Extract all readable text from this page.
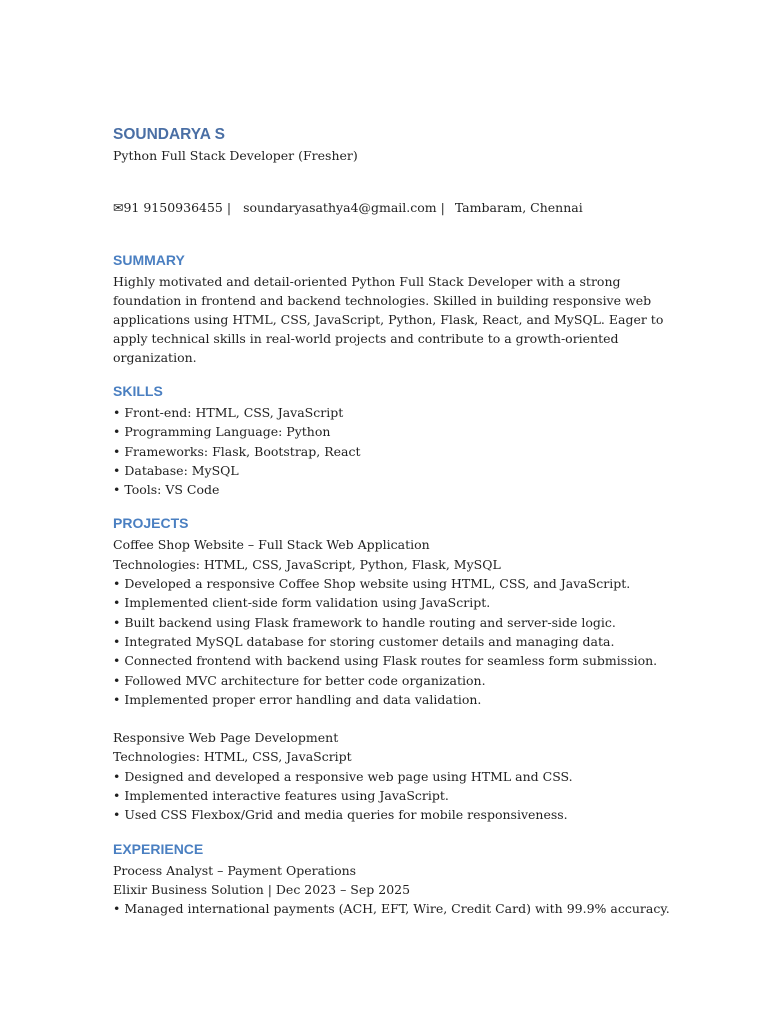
SOUNDARYA S

Python Full Stack Developer (Fresher)

✉91 9150936455 | soundaryasathya4@gmail.com | Tambaram, Chennai
SUMMARY

Highly motivated and detail-oriented Python Full Stack Developer with a strong foundation in frontend and backend technologies. Skilled in building responsive web applications using HTML, CSS, JavaScript, Python, Flask, React, and MySQL. Eager to apply technical skills in real-world projects and contribute to a growth-oriented organization.

SKILLS

• Front-end: HTML, CSS, JavaScript

• Programming Language: Python

• Frameworks: Flask, Bootstrap, React

• Database: MySQL

• Tools: VS Code

PROJECTS

Coffee Shop Website – Full Stack Web Application

Technologies: HTML, CSS, JavaScript, Python, Flask, MySQL

• Developed a responsive Coffee Shop website using HTML, CSS, and JavaScript.

• Implemented client-side form validation using JavaScript.

• Built backend using Flask framework to handle routing and server-side logic.

• Integrated MySQL database for storing customer details and managing data.

• Connected frontend with backend using Flask routes for seamless form submission.

• Followed MVC architecture for better code organization.

• Implemented proper error handling and data validation.

Responsive Web Page Development

Technologies: HTML, CSS, JavaScript

• Designed and developed a responsive web page using HTML and CSS.

• Implemented interactive features using JavaScript.

• Used CSS Flexbox/Grid and media queries for mobile responsiveness.

EXPERIENCE

Process Analyst – Payment Operations

Elixir Business Solution | Dec 2023 – Sep 2025

• Managed international payments (ACH, EFT, Wire, Credit Card) with 99.9% accuracy.
